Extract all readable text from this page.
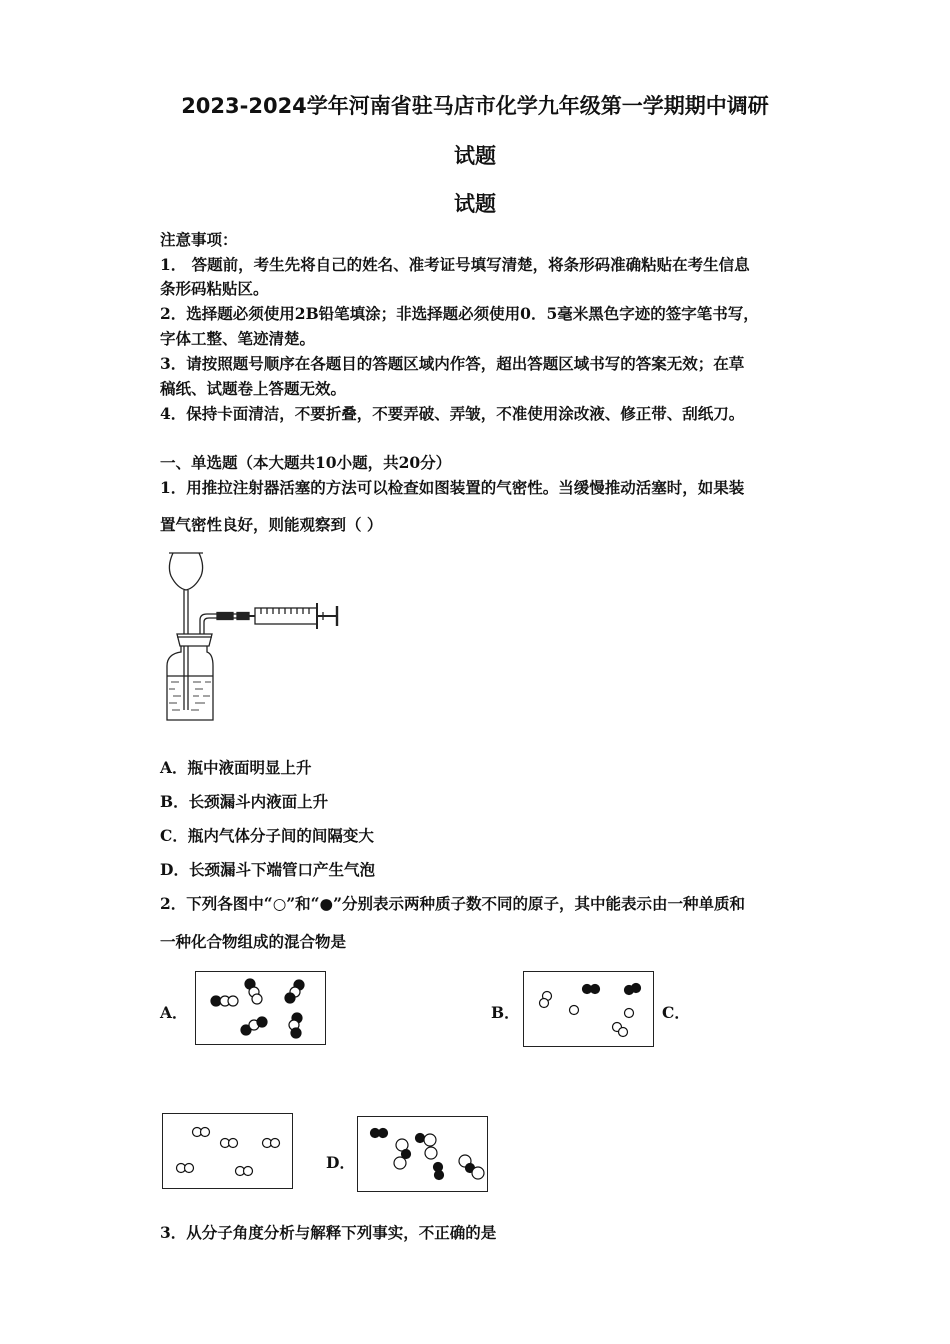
2023-2024学年河南省驻马店市化学九年级第一学期期中调研
试题
试题
注意事项：
1． 答题前，考生先将自己的姓名、准考证号填写清楚，将条形码准确粘贴在考生信息
条形码粘贴区。
2．选择题必须使用2B铅笔填涂；非选择题必须使用0．5毫米黑色字迹的签字笔书写，
字体工整、笔迹清楚。
3．请按照题号顺序在各题目的答题区域内作答，超出答题区域书写的答案无效；在草
稿纸、试题卷上答题无效。
4．保持卡面清洁，不要折叠，不要弄破、弄皱，不准使用涂改液、修正带、刮纸刀。
一、单选题（本大题共10小题，共20分）
1．用推拉注射器活塞的方法可以检查如图装置的气密性。当缓慢推动活塞时，如果装
置气密性良好，则能观察到（ ）
A．瓶中液面明显上升
B．长颈漏斗内液面上升
C．瓶内气体分子间的间隔变大
D．长颈漏斗下端管口产生气泡
2．下列各图中“○”和“●”分别表示两种质子数不同的原子，其中能表示由一种单质和
一种化合物组成的混合物是
A．	B．	C．
D．
3．从分子角度分析与解释下列事实，不正确的是
